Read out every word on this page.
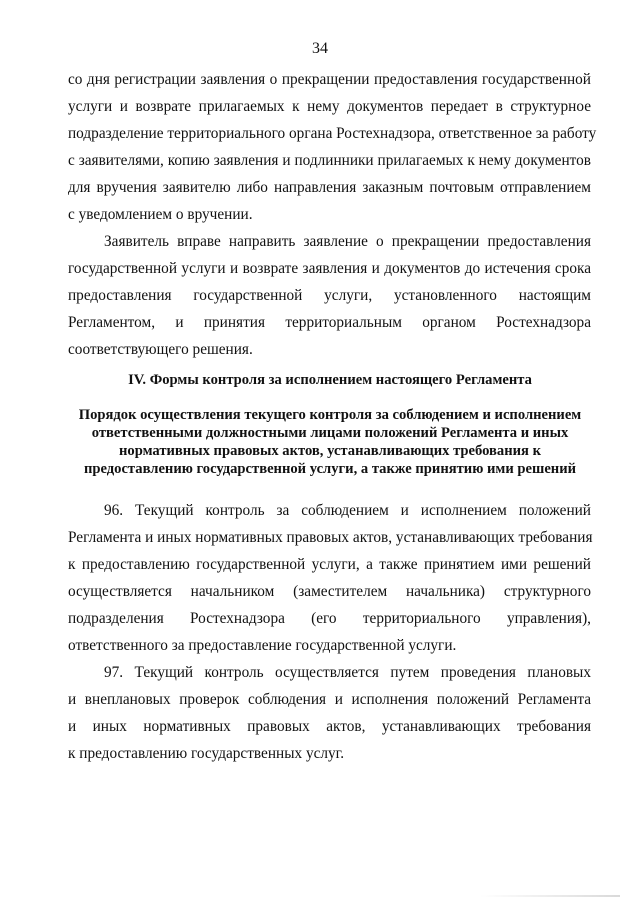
34
со дня регистрации заявления о прекращении предоставления государственной
услуги и возврате прилагаемых к нему документов передает в структурное
подразделение территориального органа Ростехнадзора, ответственное за работу
с заявителями, копию заявления и подлинники прилагаемых к нему документов
для вручения заявителю либо направления заказным почтовым отправлением
с уведомлением о вручении.
Заявитель вправе направить заявление о прекращении предоставления
государственной услуги и возврате заявления и документов до истечения срока
предоставления государственной услуги, установленного настоящим
Регламентом, и принятия территориальным органом Ростехнадзора
соответствующего решения.
IV. Формы контроля за исполнением настоящего Регламента
Порядок осуществления текущего контроля за соблюдением и исполнением
ответственными должностными лицами положений Регламента и иных
нормативных правовых актов, устанавливающих требования к
предоставлению государственной услуги, а также принятию ими решений
96. Текущий контроль за соблюдением и исполнением положений
Регламента и иных нормативных правовых актов, устанавливающих требования
к предоставлению государственной услуги, а также принятием ими решений
осуществляется начальником (заместителем начальника) структурного
подразделения Ростехнадзора (его территориального управления),
ответственного за предоставление государственной услуги.
97. Текущий контроль осуществляется путем проведения плановых
и внеплановых проверок соблюдения и исполнения положений Регламента
и иных нормативных правовых актов, устанавливающих требования
к предоставлению государственных услуг.
